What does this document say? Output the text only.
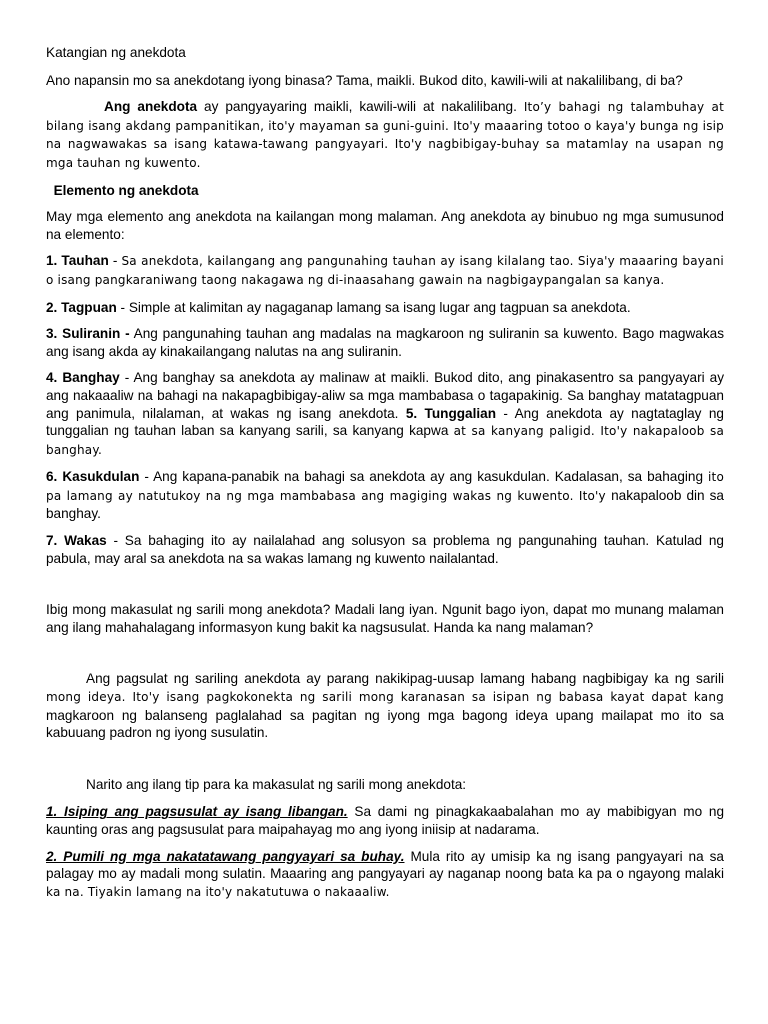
Katangian ng anekdota

Ano napansin mo sa anekdotang iyong binasa? Tama, maikli. Bukod dito, kawili-wili at nakalilibang, di ba?

Ang anekdota ay pangyayaring maikli, kawili-wili at nakalilibang. Ito’y bahagi ng talambuhay at bilang isang akdang pampanitikan, ito'y mayaman sa guni-guini. Ito'y maaaring totoo o kaya'y bunga ng isip na nagwawakas sa isang katawa-tawang pangyayari. Ito'y nagbibigay-buhay sa matamlay na usapan ng mga tauhan ng kuwento.

Elemento ng anekdota

May mga elemento ang anekdota na kailangan mong malaman. Ang anekdota ay binubuo ng mga sumusunod na elemento:

1. Tauhan - Sa anekdota, kailangang ang pangunahing tauhan ay isang kilalang tao. Siya'y maaaring bayani o isang pangkaraniwang taong nakagawa ng di-inaasahang gawain na nagbigaypangalan sa kanya.

2. Tagpuan - Simple at kalimitan ay nagaganap lamang sa isang lugar ang tagpuan sa anekdota.

3. Suliranin - Ang pangunahing tauhan ang madalas na magkaroon ng suliranin sa kuwento. Bago magwakas ang isang akda ay kinakailangang nalutas na ang suliranin.

4. Banghay - Ang banghay sa anekdota ay malinaw at maikli. Bukod dito, ang pinakasentro sa pangyayari ay ang nakaaaliw na bahagi na nakapagbibigay-aliw sa mga mambabasa o tagapakinig. Sa banghay matatagpuan ang panimula, nilalaman, at wakas ng isang anekdota. 5. Tunggalian - Ang anekdota ay nagtataglay ng tunggalian ng tauhan laban sa kanyang sarili, sa kanyang kapwa at sa kanyang paligid. Ito'y nakapaloob sa banghay.

6. Kasukdulan - Ang kapana-panabik na bahagi sa anekdota ay ang kasukdulan. Kadalasan, sa bahaging ito pa lamang ay natutukoy na ng mga mambabasa ang magiging wakas ng kuwento. Ito'y nakapaloob din sa banghay.

7. Wakas - Sa bahaging ito ay nailalahad ang solusyon sa problema ng pangunahing tauhan. Katulad ng pabula, may aral sa anekdota na sa wakas lamang ng kuwento nailalantad.

Ibig mong makasulat ng sarili mong anekdota? Madali lang iyan. Ngunit bago iyon, dapat mo munang malaman ang ilang mahahalagang informasyon kung bakit ka nagsusulat. Handa ka nang malaman?

Ang pagsulat ng sariling anekdota ay parang nakikipag-uusap lamang habang nagbibigay ka ng sarili mong ideya. Ito'y isang pagkokonekta ng sarili mong karanasan sa isipan ng babasa kayat dapat kang magkaroon ng balanseng paglalahad sa pagitan ng iyong mga bagong ideya upang mailapat mo ito sa kabuuang padron ng iyong susulatin.

Narito ang ilang tip para ka makasulat ng sarili mong anekdota:

1. Isiping ang pagsusulat ay isang libangan. Sa dami ng pinagkakaabalahan mo ay mabibigyan mo ng kaunting oras ang pagsusulat para maipahayag mo ang iyong iniisip at nadarama.

2. Pumili ng mga nakatatawang pangyayari sa buhay. Mula rito ay umisip ka ng isang pangyayari na sa palagay mo ay madali mong sulatin. Maaaring ang pangyayari ay naganap noong bata ka pa o ngayong malaki ka na. Tiyakin lamang na ito'y nakatutuwa o nakaaaliw.
